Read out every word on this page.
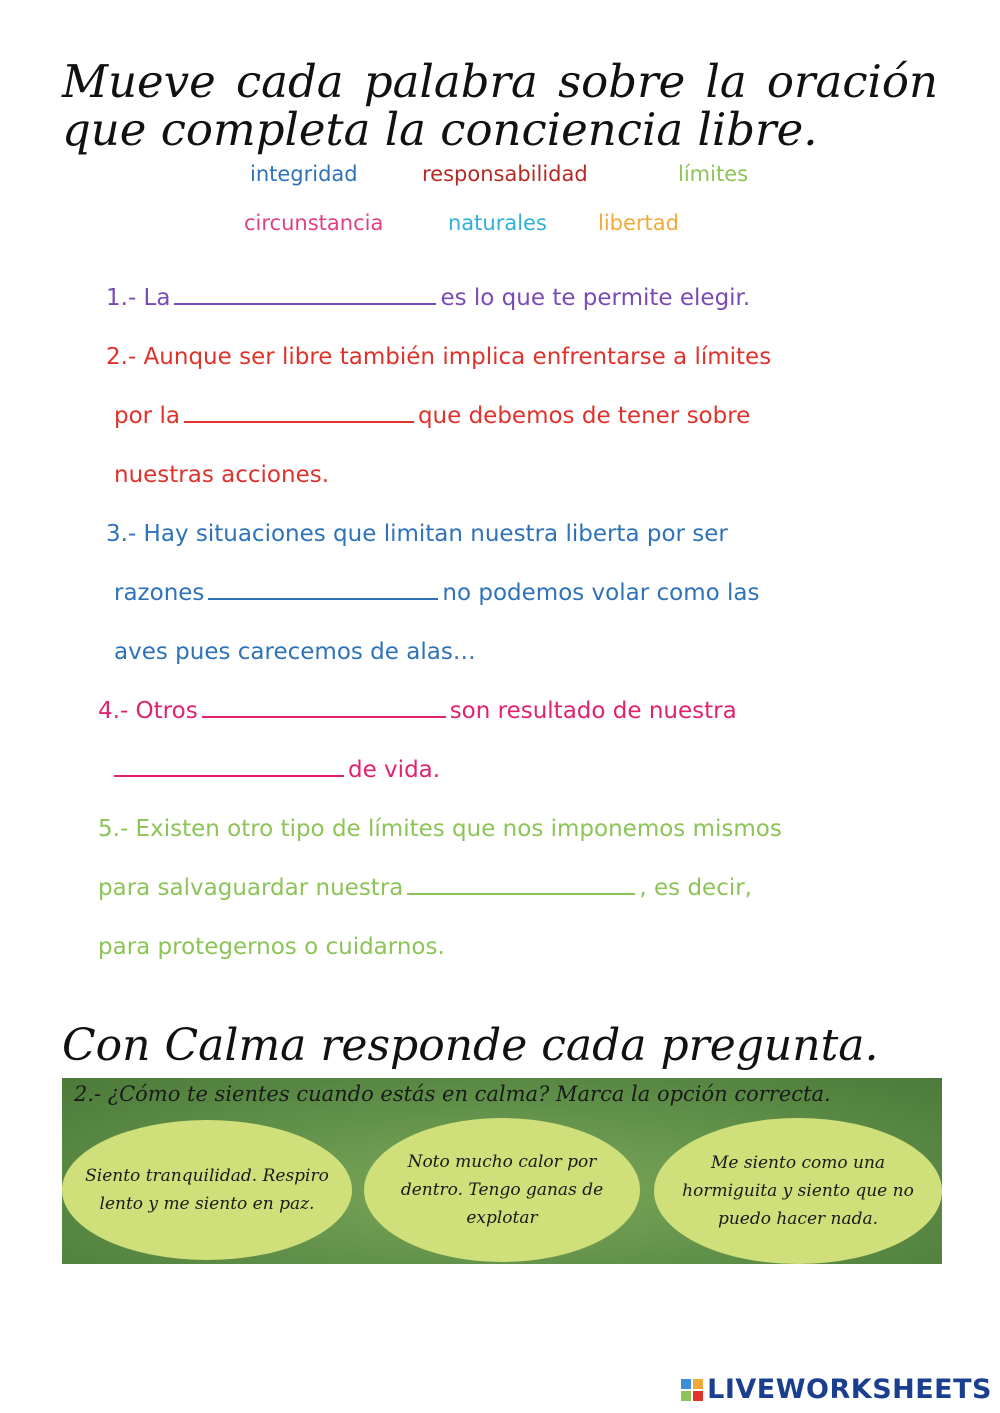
Mueve cada palabra sobre la oración
que completa la conciencia libre.
integridad	responsabilidad	límites
circunstancia	naturales libertad
1.- La	es lo que te permite elegir.
2.- Aunque ser libre también implica enfrentarse a límites
por la	que debemos de tener sobre
nuestras acciones.
3.- Hay situaciones que limitan nuestra liberta por ser
razones	no podemos volar como las
aves pues carecemos de alas…
4.- Otros	son resultado de nuestra
de vida.
5.- Existen otro tipo de límites que nos imponemos mismos
para salvaguardar nuestra	, es decir,
para protegernos o cuidarnos.
Con Calma responde cada pregunta.

2.- ¿Cómo te sientes cuando estás en calma? Marca la opción correcta.

Siento tranquilidad. Respiro lento y me siento en paz.
Noto mucho calor por dentro. Tengo ganas de explotar
Me siento como una hormiguita y siento que no puedo hacer nada.
LIVEWORKSHEETS
